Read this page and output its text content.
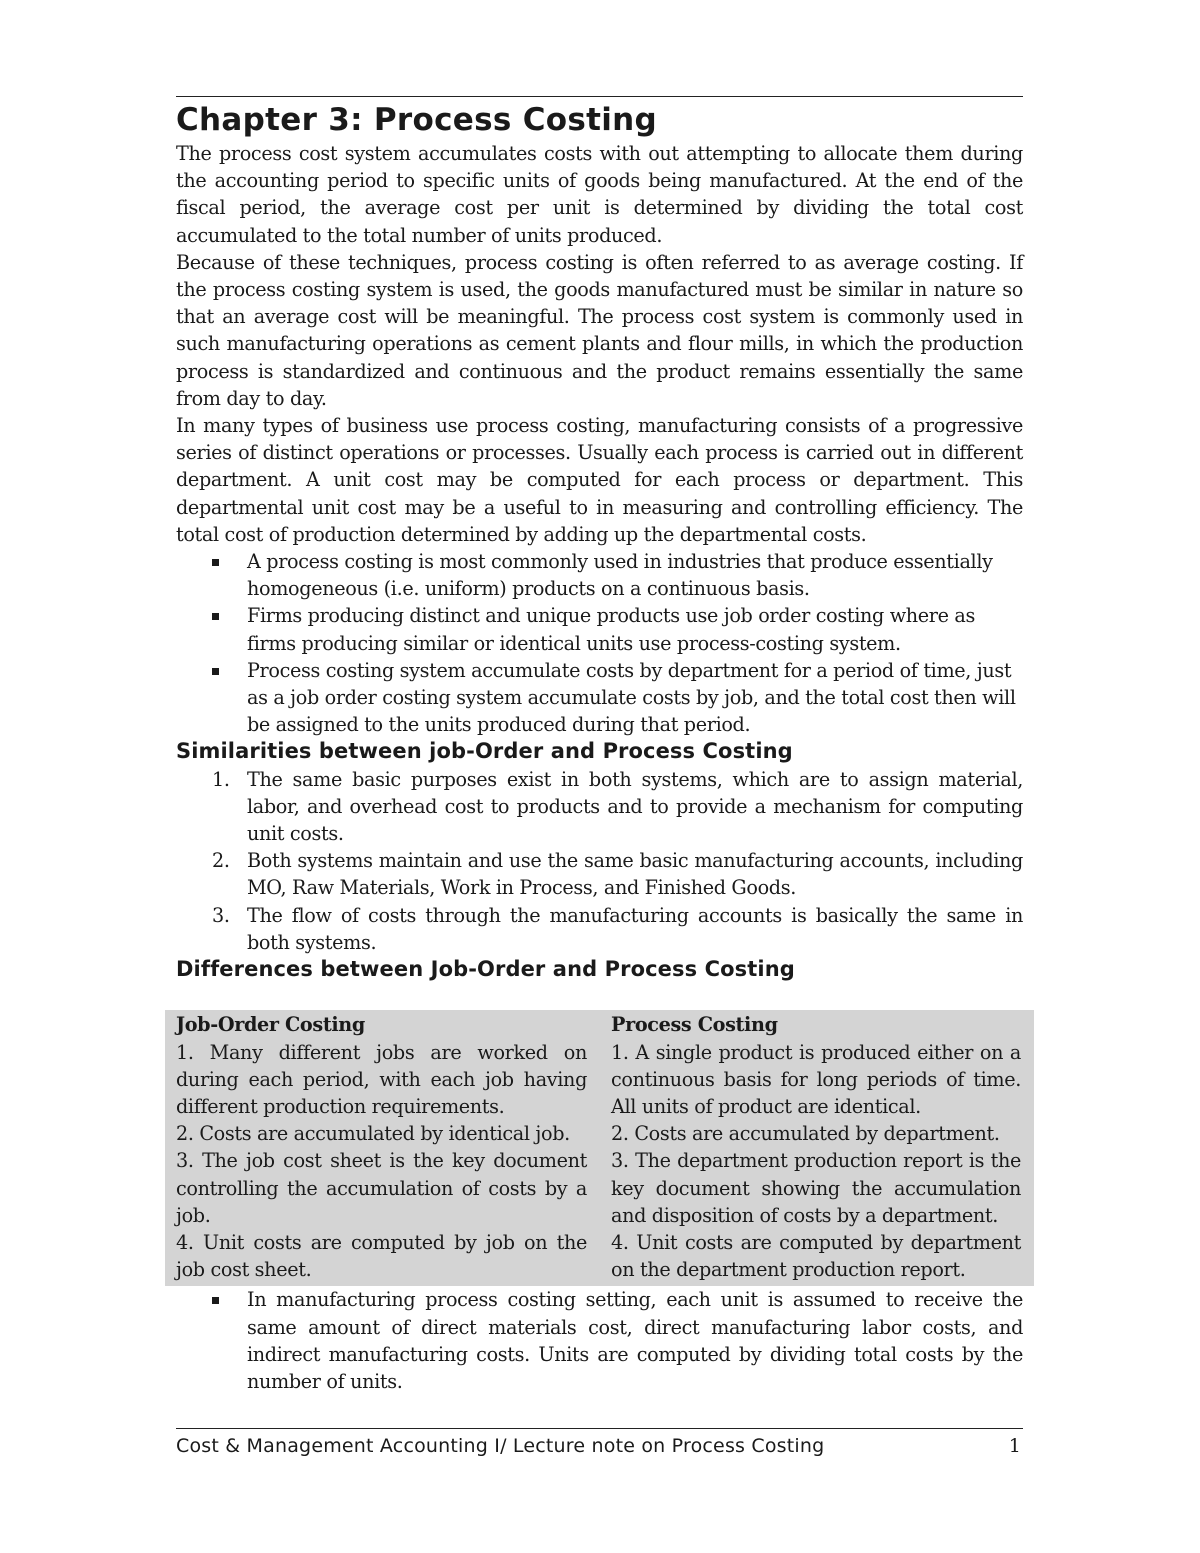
Chapter 3: Process Costing

The process cost system accumulates costs with out attempting to allocate them during the accounting period to specific units of goods being manufactured. At the end of the fiscal period, the average cost per unit is determined by dividing the total cost accumulated to the total number of units produced.

Because of these techniques, process costing is often referred to as average costing. If the process costing system is used, the goods manufactured must be similar in nature so that an average cost will be meaningful. The process cost system is commonly used in such manufacturing operations as cement plants and flour mills, in which the production process is standardized and continuous and the product remains essentially the same from day to day.

In many types of business use process costing, manufacturing consists of a progressive series of distinct operations or processes. Usually each process is carried out in different department. A unit cost may be computed for each process or department. This departmental unit cost may be a useful to in measuring and controlling efficiency. The total cost of production determined by adding up the departmental costs.

A process costing is most commonly used in industries that produce essentially homogeneous (i.e. uniform) products on a continuous basis.
Firms producing distinct and unique products use job order costing where as firms producing similar or identical units use process-costing system.
Process costing system accumulate costs by department for a period of time, just as a job order costing system accumulate costs by job, and the total cost then will be assigned to the units produced during that period.
Similarities between job-Order and Process Costing
1. The same basic purposes exist in both systems, which are to assign material, labor, and overhead cost to products and to provide a mechanism for computing unit costs.
2. Both systems maintain and use the same basic manufacturing accounts, including MO, Raw Materials, Work in Process, and Finished Goods.
3. The flow of costs through the manufacturing accounts is basically the same in both systems.
Differences between Job-Order and Process Costing
Job-Order Costing

1. Many different jobs are worked on during each period, with each job having different production requirements.

2. Costs are accumulated by identical job.

3. The job cost sheet is the key document controlling the accumulation of costs by a job.

4. Unit costs are computed by job on the job cost sheet.

Process Costing

1. A single product is produced either on a continuous basis for long periods of time. All units of product are identical.

2. Costs are accumulated by department.

3. The department production report is the key document showing the accumulation and disposition of costs by a department.

4. Unit costs are computed by department on the department production report.

In manufacturing process costing setting, each unit is assumed to receive the same amount of direct materials cost, direct manufacturing labor costs, and indirect manufacturing costs. Units are computed by dividing total costs by the number of units.
Cost & Management Accounting I/ Lecture note on Process Costing	1
